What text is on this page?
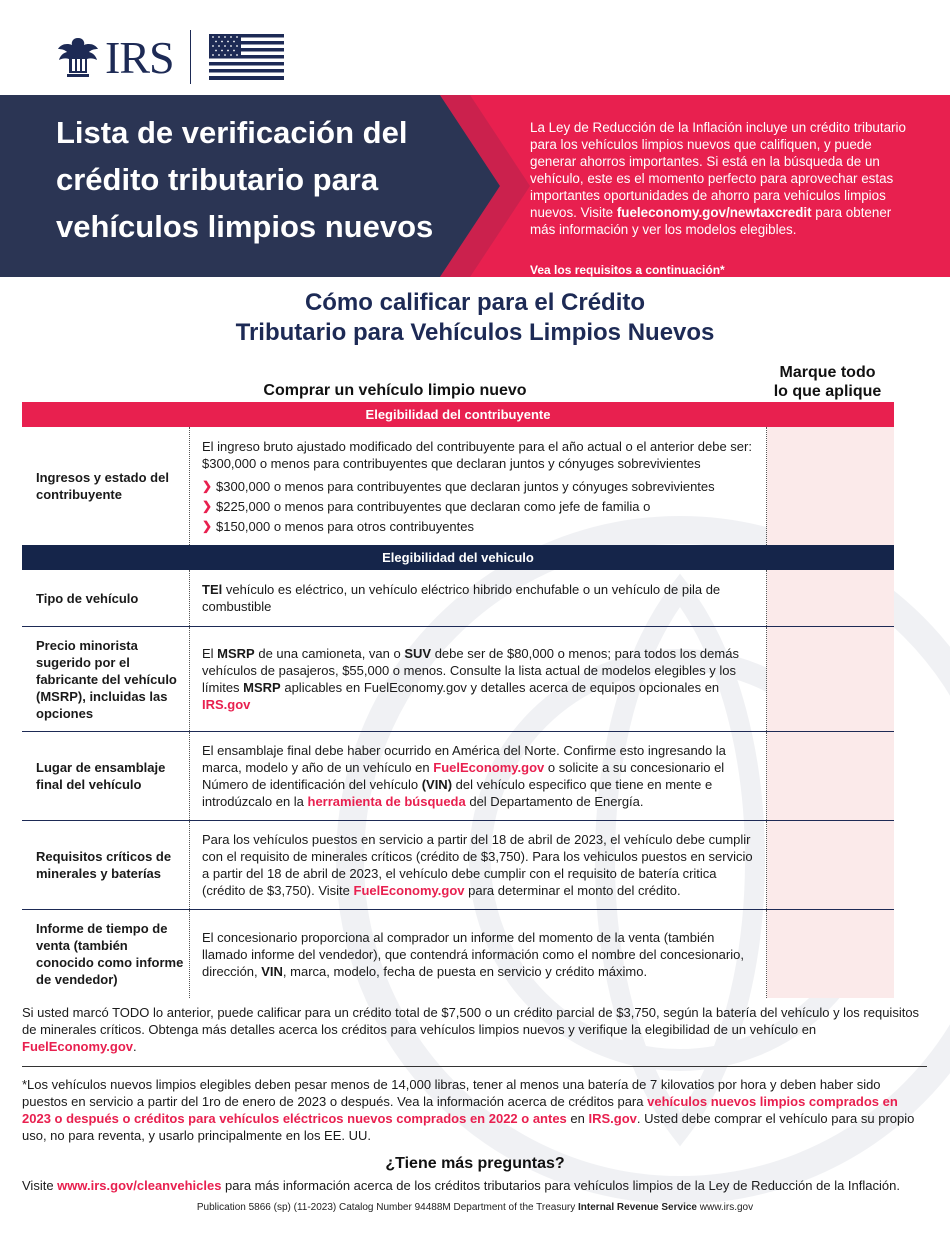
IRS
Lista de verificación del crédito tributario para vehículos limpios nuevos
La Ley de Reducción de la Inflación incluye un crédito tributario para los vehículos limpios nuevos que califiquen, y puede generar ahorros importantes. Si está en la búsqueda de un vehículo, este es el momento perfecto para aprovechar estas importantes oportunidades de ahorro para vehículos limpios nuevos. Visite fueleconomy.gov/newtaxcredit para obtener más información y ver los modelos elegibles.
Vea los requisitos a continuación*
Cómo calificar para el Crédito
Tributario para Vehículos Limpios Nuevos
Comprar un vehículo limpio nuevo
Marque todo
lo que aplique
Elegibilidad del contribuyente
Ingresos y estado del contribuyente
El ingreso bruto ajustado modificado del contribuyente para el año actual o el anterior debe ser: $300,000 o menos para contribuyentes que declaran juntos y cónyuges sobrevivientes
❯ $300,000 o menos para contribuyentes que declaran juntos y cónyuges sobrevivientes
❯ $225,000 o menos para contribuyentes que declaran como jefe de familia o
❯ $150,000 o menos para otros contribuyentes
Elegibilidad del vehiculo
Tipo de vehículo
TEl vehículo es eléctrico, un vehículo eléctrico hibrido enchufable o un vehículo de pila de combustible
Precio minorista sugerido por el fabricante del vehículo (MSRP), incluidas las opciones
El MSRP de una camioneta, van o SUV debe ser de $80,000 o menos; para todos los demás vehículos de pasajeros, $55,000 o menos. Consulte la lista actual de modelos elegibles y los límites MSRP aplicables en FuelEconomy.gov y detalles acerca de equipos opcionales en IRS.gov
Lugar de ensamblaje final del vehículo
El ensamblaje final debe haber ocurrido en América del Norte. Confirme esto ingresando la marca, modelo y año de un vehículo en FuelEconomy.gov o solicite a su concesionario el Número de identificación del vehículo (VIN) del vehículo especifico que tiene en mente e introdúzcalo en la herramienta de búsqueda del Departamento de Energía.
Requisitos críticos de minerales y baterías
Para los vehículos puestos en servicio a partir del 18 de abril de 2023, el vehículo debe cumplir con el requisito de minerales críticos (crédito de $3,750). Para los vehiculos puestos en servicio a partir del 18 de abril de 2023, el vehículo debe cumplir con el requisito de batería critica (crédito de $3,750). Visite FuelEconomy.gov para determinar el monto del crédito.
Informe de tiempo de venta (también conocido como informe de vendedor)
El concesionario proporciona al comprador un informe del momento de la venta (también llamado informe del vendedor), que contendrá información como el nombre del concesionario, dirección, VIN, marca, modelo, fecha de puesta en servicio y crédito máximo.
Si usted marcó TODO lo anterior, puede calificar para un crédito total de $7,500 o un crédito parcial de $3,750, según la batería del vehículo y los requisitos de minerales críticos. Obtenga más detalles acerca los créditos para vehículos limpios nuevos y verifique la elegibilidad de un vehículo en FuelEconomy.gov.
*Los vehículos nuevos limpios elegibles deben pesar menos de 14,000 libras, tener al menos una batería de 7 kilovatios por hora y deben haber sido puestos en servicio a partir del 1ro de enero de 2023 o después. Vea la información acerca de créditos para vehículos nuevos limpios comprados en 2023 o después o créditos para vehículos eléctricos nuevos comprados en 2022 o antes en IRS.gov. Usted debe comprar el vehículo para su propio uso, no para reventa, y usarlo principalmente en los EE. UU.
¿Tiene más preguntas?
Visite www.irs.gov/cleanvehicles para más información acerca de los créditos tributarios para vehículos limpios de la Ley de Reducción de la Inflación.
Publication 5866 (sp) (11-2023) Catalog Number 94488M Department of the Treasury Internal Revenue Service www.irs.gov
